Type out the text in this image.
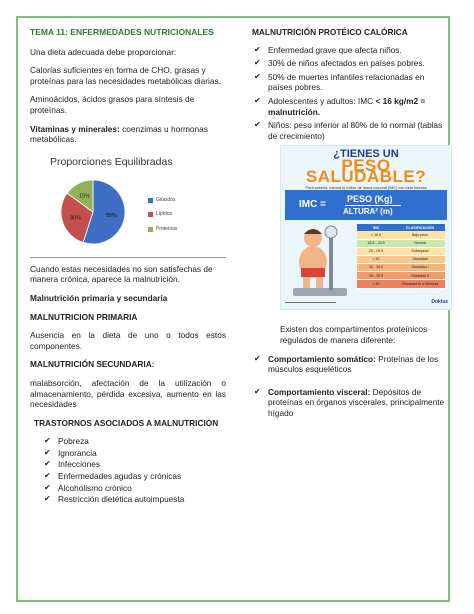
TEMA 11: ENFERMEDADES NUTRICIONALES

Una dieta adecuada debe proporcionar:

Calorías suficientes en forma de CHO, grasas y proteínas para las necesidades metabólicas diarias.

Aminoácidos, ácidos grasos para síntesis de proteínas.

Vitaminas y minerales: coenzimas u hormonas metabólicas.

Proporciones Equilibradas
55%
30%
15%
Glúcidos
Lípidos
Proteínas

Cuando estas necesidades no son satisfechas de manera crónica, aparece la malnutrición.

Malnutrición primaria y secundaria

MALNUTRICION PRIMARIA

Ausencia en la dieta de uno o todos estos componentes.

MALNUTRICIÓN SECUNDARIA:

malabsorción, afectación de la utilización o almacenamiento, pérdida excesiva, aumento en las necesidades

TRASTORNOS ASOCIADOS A MALNUTRICION

✔ Pobreza
✔ Ignorancia
✔ Infecciones
✔ Enfermedades agudas y crónicas
✔ Alcoholismo crónico
✔ Restricción dietética autoimpuesta
MALNUTRICIÓN PROTÉICO CALÓRICA
✔ Enfermedad grave que afecta niños.
✔ 30% de niños afectados en países pobres.
✔ 50% de muertes infantiles relacionadas en países pobres.
✔ Adolescentes y adultos: IMC < 16 kg/m2 = malnutrición.
✔ Niños: peso inferior al 80% de lo normal (tablas de crecimiento)
¿TIENES UN
PESO SALUDABLE?
Para saberlo, calcula tu índice de masa corporal (IMC) con esta fórmula
IMC = PESO (Kg)
ALTURA² (m)
IMC	CLASIFICACIÓN
< 18.5	Bajo peso
18.5 - 24.9	Normal
25 - 29.9	Sobrepeso
> 30	Obesidad
30 - 34.9	Obesidad I
35 - 39.9	Obesidad II
> 40	Obesidad III o Mórbida
▬▬▬▬▬▬▬▬▬▬▬▬▬▬▬▬▬	Doktuz

Existen dos compartimentos proteínicos regulados de manera diferente:

✔ Comportamiento somático: Proteínas de los músculos esqueléticos
✔ Comportamiento visceral: Depósitos de proteínas en órganos viscerales, principalmente hígado
